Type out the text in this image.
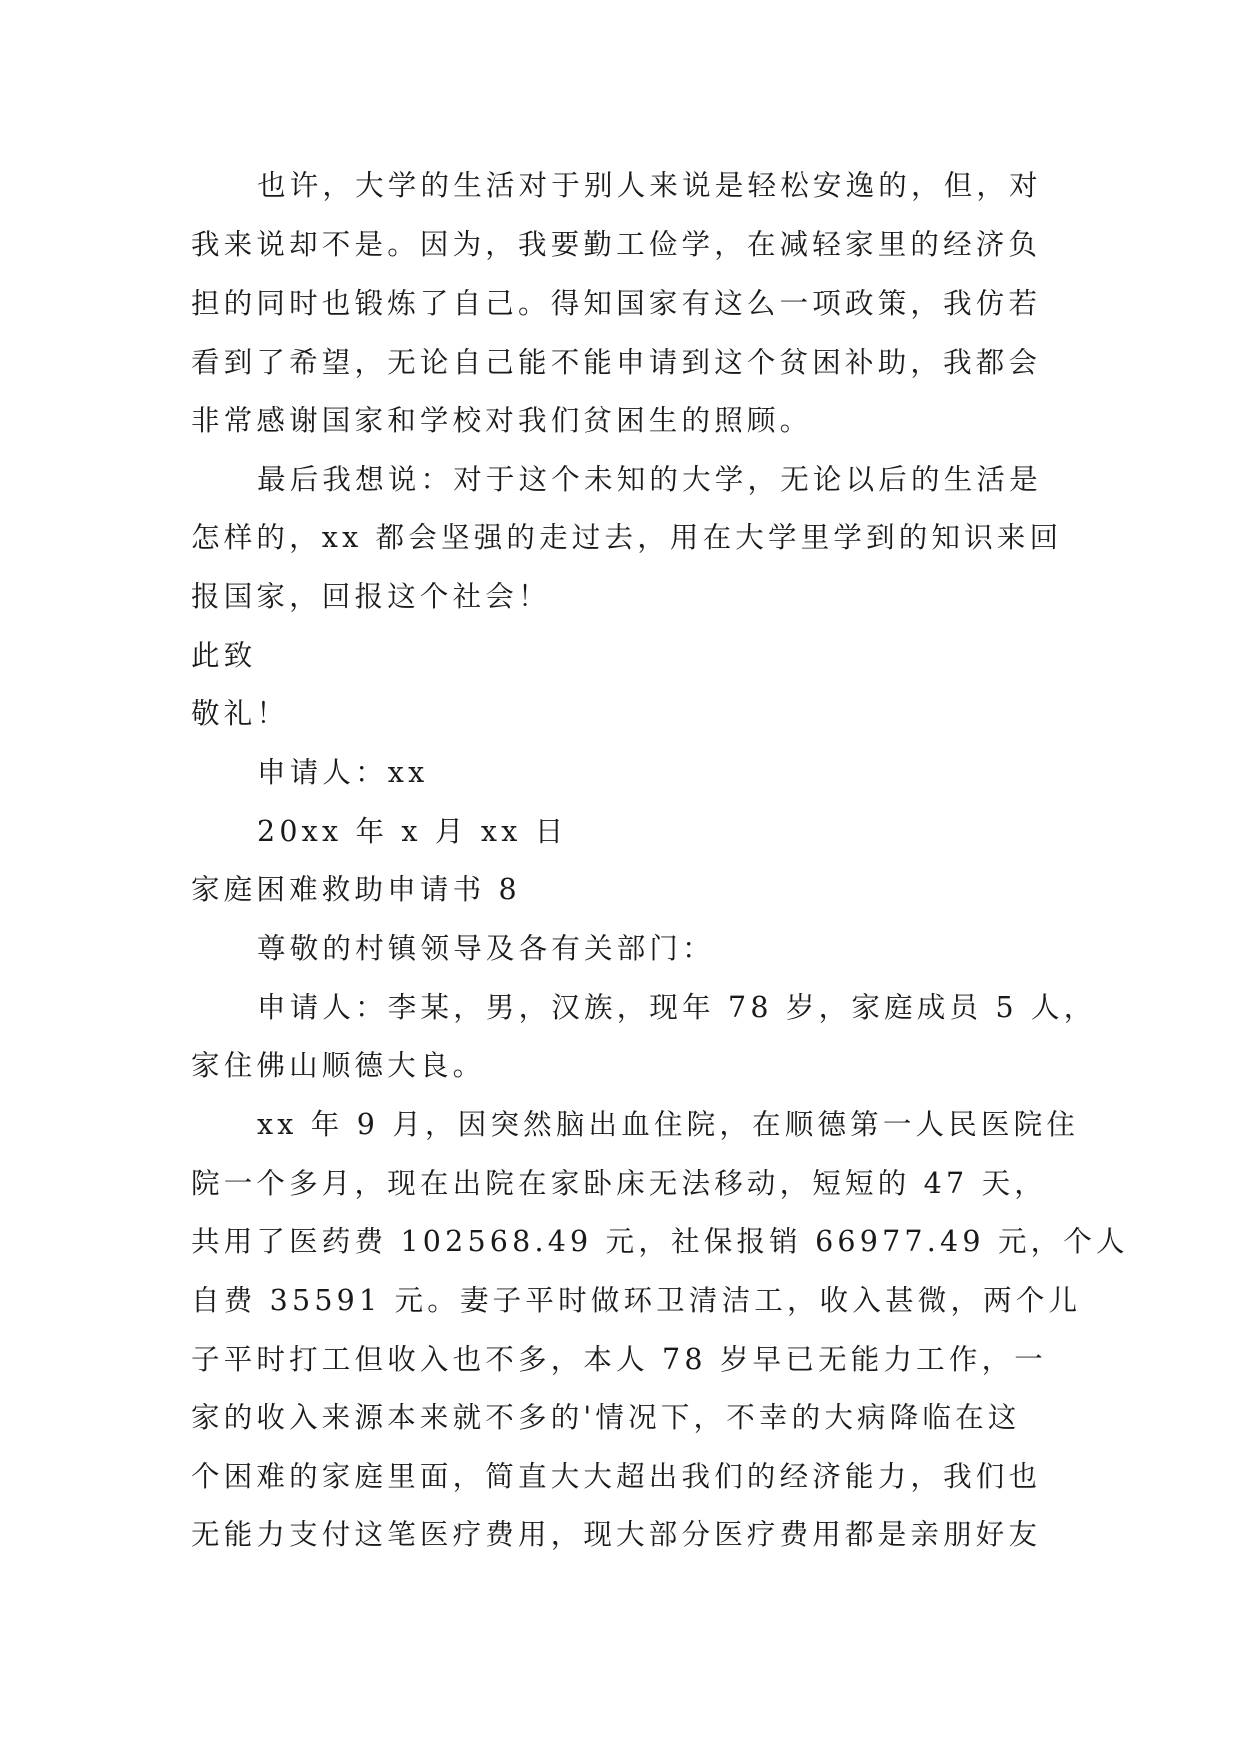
也许，大学的生活对于别人来说是轻松安逸的，但，对
我来说却不是。因为，我要勤工俭学，在减轻家里的经济负
担的同时也锻炼了自己。得知国家有这么一项政策，我仿若
看到了希望，无论自己能不能申请到这个贫困补助，我都会
非常感谢国家和学校对我们贫困生的照顾。
最后我想说：对于这个未知的大学，无论以后的生活是
怎样的，xx 都会坚强的走过去，用在大学里学到的知识来回
报国家，回报这个社会！
此致
敬礼！
申请人：xx
20xx 年 x 月 xx 日
家庭困难救助申请书 8
尊敬的村镇领导及各有关部门：
申请人：李某，男，汉族，现年 78 岁，家庭成员 5 人，
家住佛山顺德大良。
xx 年 9 月，因突然脑出血住院，在顺德第一人民医院住
院一个多月，现在出院在家卧床无法移动，短短的 47 天，
共用了医药费 102568.49 元，社保报销 66977.49 元，个人
自费 35591 元。妻子平时做环卫清洁工，收入甚微，两个儿
子平时打工但收入也不多，本人 78 岁早已无能力工作，一
家的收入来源本来就不多的'情况下，不幸的大病降临在这
个困难的家庭里面，简直大大超出我们的经济能力，我们也
无能力支付这笔医疗费用，现大部分医疗费用都是亲朋好友
